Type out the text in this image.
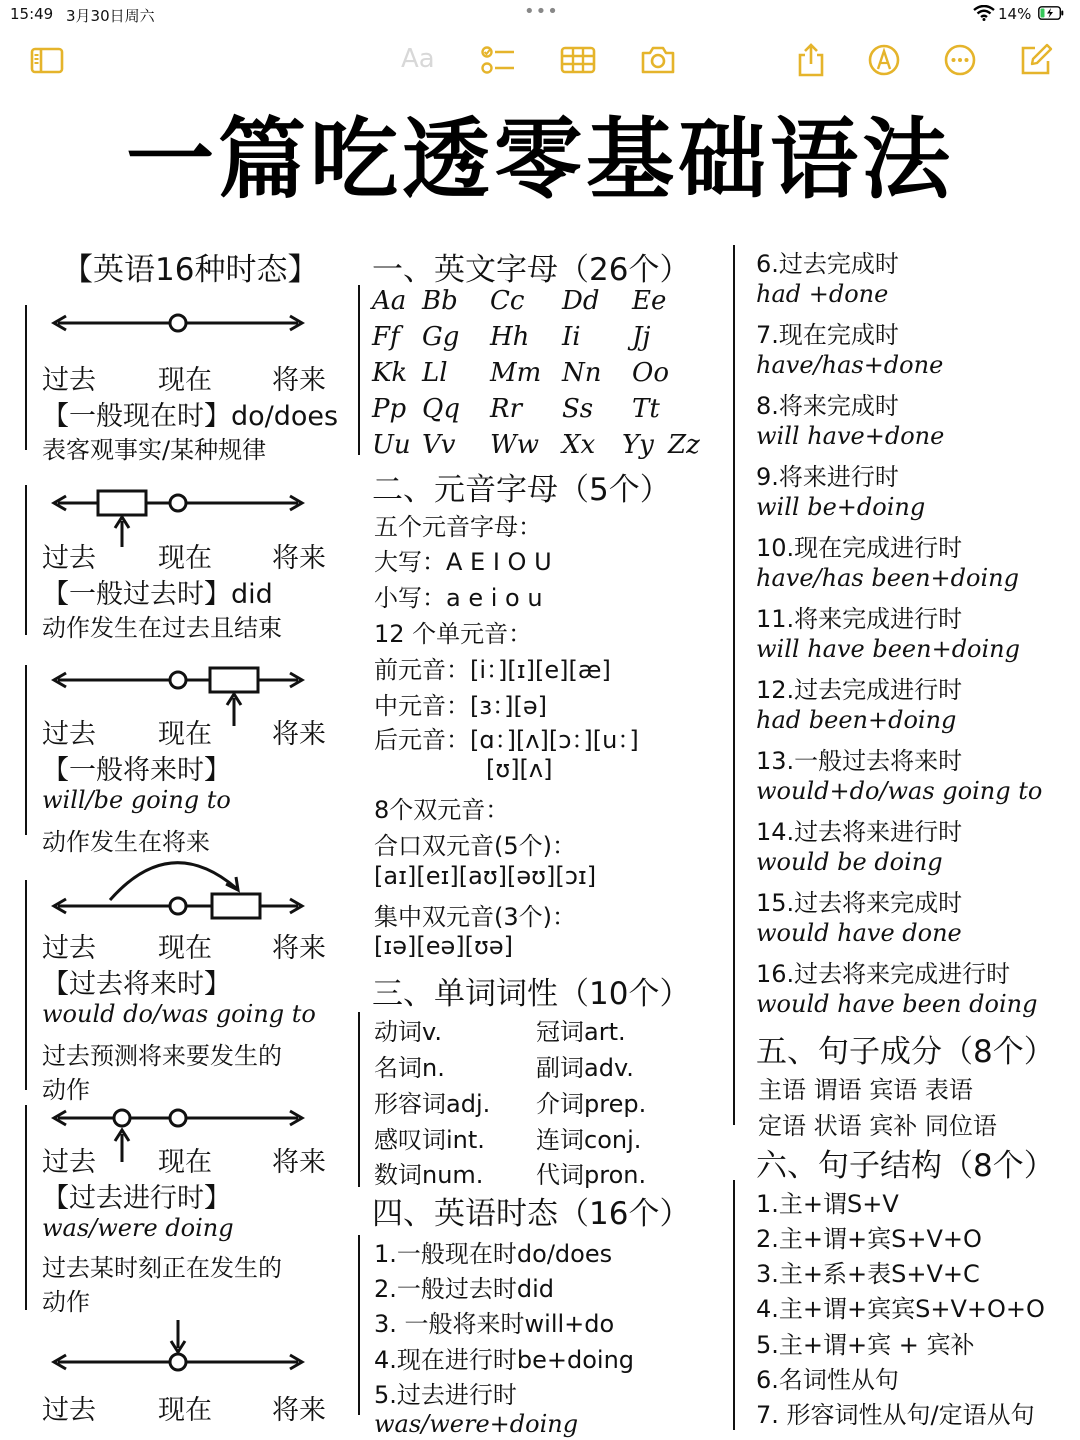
15:49 3月30日周六	•••	14%
Aa
一篇吃透零基础语法
【英语16种时态】
过去 现在 将来
【一般现在时】do/does
表客观事实/某种规律
过去 现在 将来
【一般过去时】did
动作发生在过去且结束
过去 现在 将来
【一般将来时】
will/be going to
动作发生在将来
过去 现在 将来
【过去将来时】
would do/was going to
过去预测将来要发生的
动作
过去 现在 将来
【过去进行时】
was/were doing
过去某时刻正在发生的
动作
过去 现在 将来
一、英文字母（26个）
Aa Bb Cc Dd Ee
Ff Gg Hh Ii Jj
Kk Ll Mm Nn Oo
Pp Qq Rr Ss Tt
Uu Vv Ww Xx Yy Zz
二、元音字母（5个）
五个元音字母：
大写：A E I O U
小写：a e i o u
12 个单元音：
前元音：[i：][ɪ][e][æ]
中元音：[ɜ：][ə]
后元音：[ɑ：][ʌ][ɔ：][u：]
[ʊ][ʌ]
8个双元音：
合口双元音(5个)：
[aɪ][eɪ][aʊ][əʊ][ɔɪ]
集中双元音(3个)：
[ɪə][eə][ʊə]
三、单词词性（10个）
动词v.	冠词art.
名词n.	副词adv.
形容词adj. 介词prep.
感叹词int. 连词conj.
数词num. 代词pron.
四、英语时态（16个）
1.一般现在时do/does
2.一般过去时did
3. 一般将来时will+do
4.现在进行时be+doing
5.过去进行时
was/were+doing
6.过去完成时
had +done
7.现在完成时
have/has+done
8.将来完成时
will have+done
9.将来进行时
will be+doing
10.现在完成进行时
have/has been+doing
11.将来完成进行时
will have been+doing
12.过去完成进行时
had been+doing
13.一般过去将来时
would+do/was going to
14.过去将来进行时
would be doing
15.过去将来完成时
would have done
16.过去将来完成进行时
would have been doing
五、句子成分（8个）
主语 谓语 宾语 表语
定语 状语 宾补 同位语
六、句子结构（8个）
1.主+谓S+V
2.主+谓+宾S+V+O
3.主+系+表S+V+C
4.主+谓+宾宾S+V+O+O
5.主+谓+宾 + 宾补
6.名词性从句
7. 形容词性从句/定语从句
